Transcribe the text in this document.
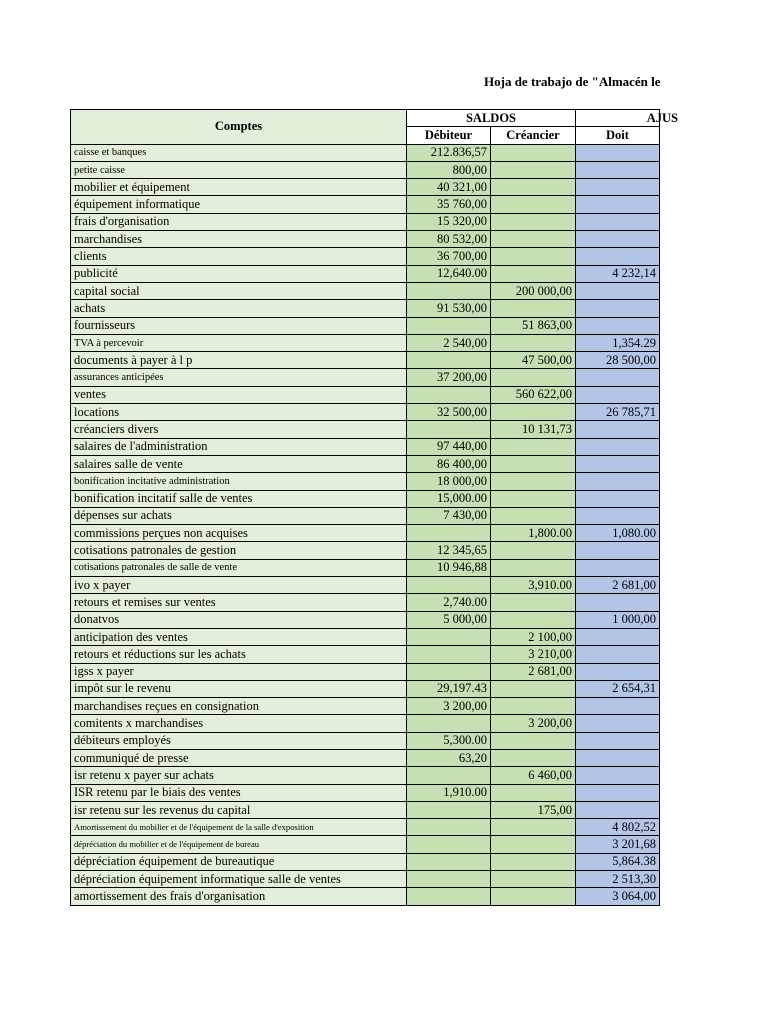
Hoja de trabajo de "Almacén le
Comptes	SALDOS		AJUS
	Débiteur	Créancier	Doit
caisse et banques	212.836,57		
petite caisse	800,00		
mobilier et équipement	40 321,00		
équipement informatique	35 760,00		
frais d'organisation	15 320,00		
marchandises	80 532,00		
clients	36 700,00		
publicité	12,640.00		4 232,14
capital social		200 000,00	
achats	91 530,00		
fournisseurs		51 863,00	
TVA à percevoir	2 540,00		1,354.29
documents à payer à l p		47 500,00	28 500,00
assurances anticipées	37 200,00		
ventes		560 622,00	
locations	32 500,00		26 785,71
créanciers divers		10 131,73	
salaires de l'administration	97 440,00		
salaires salle de vente	86 400,00		
bonification incitative administration	18 000,00		
bonification incitatif salle de ventes	15,000.00		
dépenses sur achats	7 430,00		
commissions perçues non acquises		1,800.00	1,080.00
cotisations patronales de gestion	12 345,65		
cotisations patronales de salle de vente	10 946,88		
ivo x payer		3,910.00	2 681,00
retours et remises sur ventes	2,740.00		
donatvos	5 000,00		1 000,00
anticipation des ventes		2 100,00	
retours et réductions sur les achats		3 210,00	
igss x payer		2 681,00	
impôt sur le revenu	29,197.43		2 654,31
marchandises reçues en consignation	3 200,00		
comitents x marchandises		3 200,00	
débiteurs employés	5,300.00		
communiqué de presse	63,20		
isr retenu x payer sur achats		6 460,00	
ISR retenu par le biais des ventes	1,910.00		
isr retenu sur les revenus du capital		175,00	
Amortissement du mobilier et de l'équipement de la salle d'exposition			4 802,52
dépréciation du mobilier et de l'équipement de bureau			3 201,68
dépréciation équipement de bureautique			5,864.38
dépréciation équipement informatique salle de ventes			2 513,30
amortissement des frais d'organisation			3 064,00
